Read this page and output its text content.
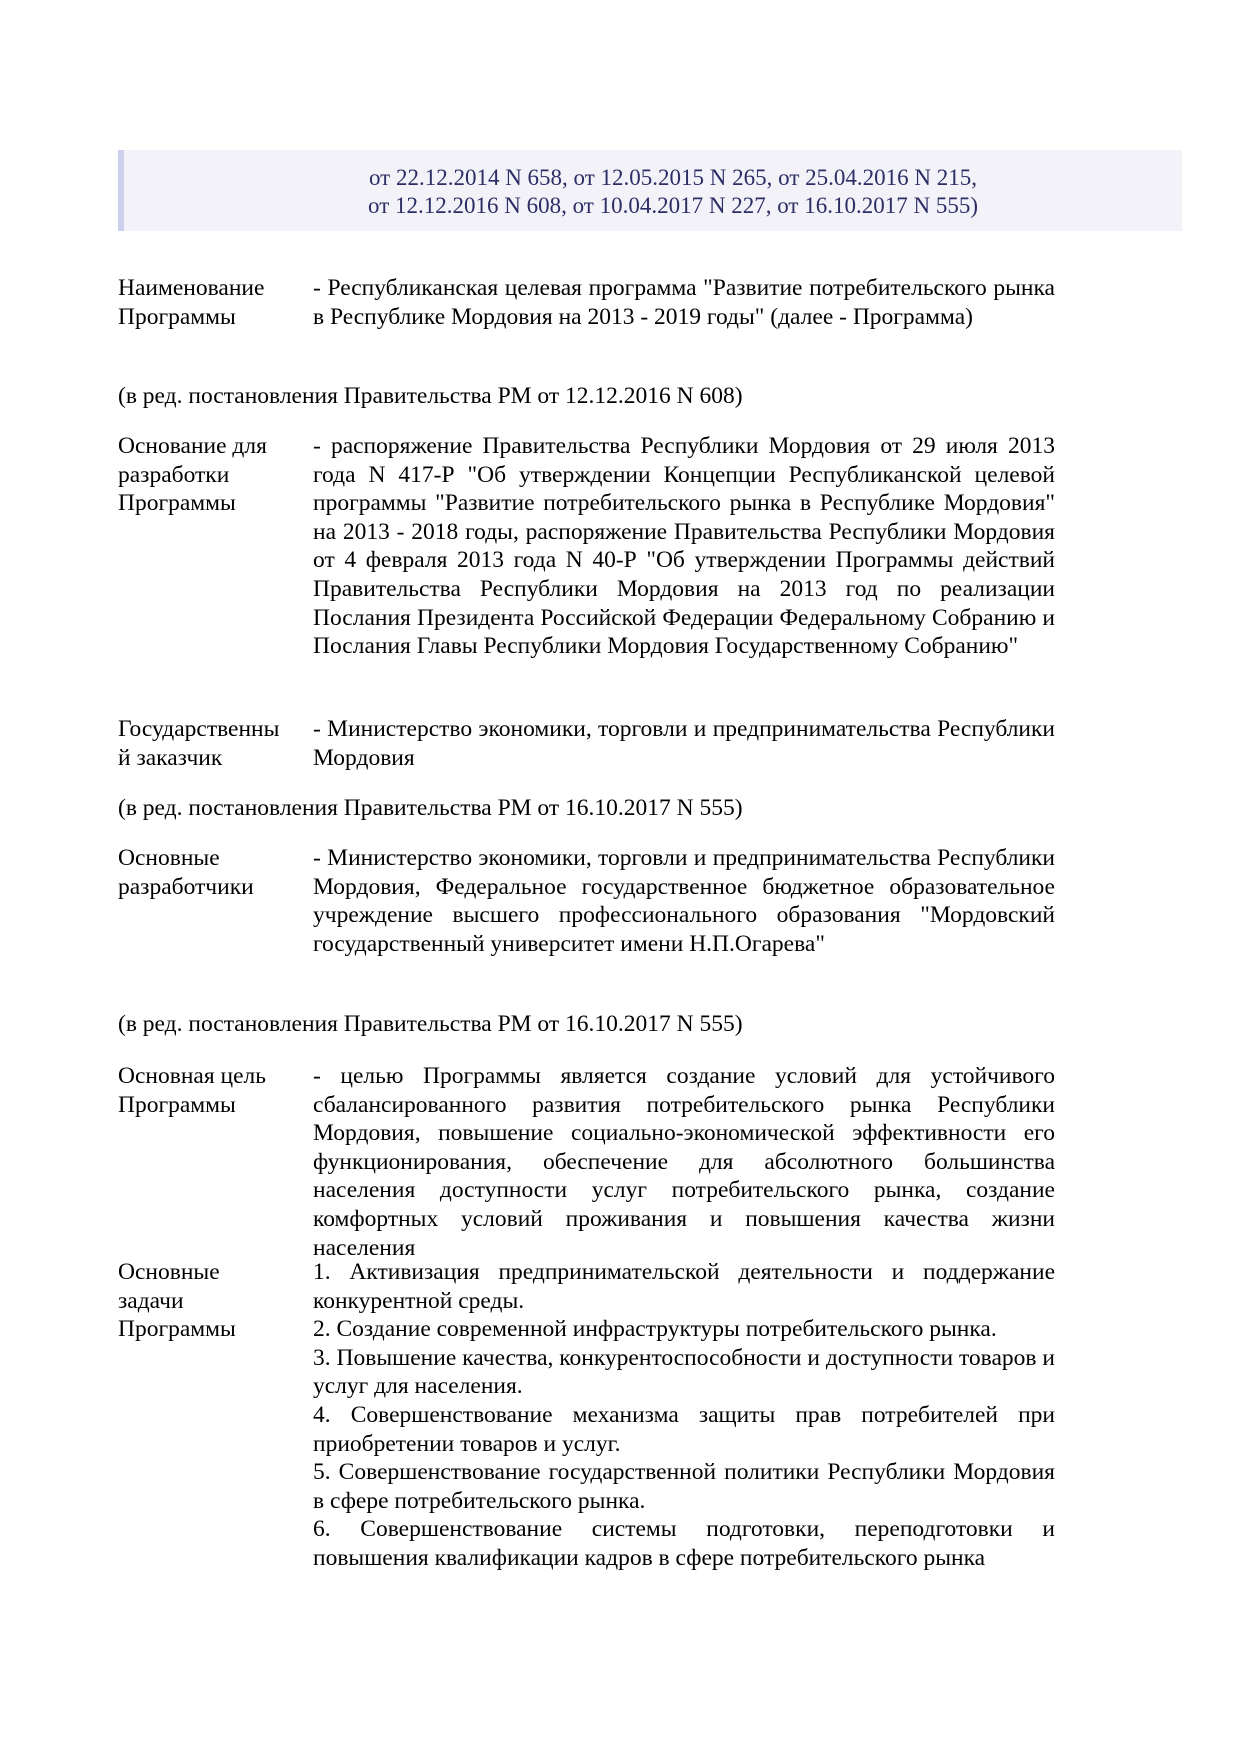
от 22.12.2014 N 658, от 12.05.2015 N 265, от 25.04.2016 N 215,
от 12.12.2016 N 608, от 10.04.2017 N 227, от 16.10.2017 N 555)
Наименование
Программы
- Республиканская целевая программа "Развитие потребительского рынка в Республике Мордовия на 2013 - 2019 годы" (далее - Программа)
(в ред. постановления Правительства РМ от 12.12.2016 N 608)
Основание для
разработки
Программы
- распоряжение Правительства Республики Мордовия от 29 июля 2013 года N 417-Р "Об утверждении Концепции Республиканской целевой программы "Развитие потребительского рынка в Республике Мордовия" на 2013 - 2018 годы, распоряжение Правительства Республики Мордовия от 4 февраля 2013 года N 40-Р "Об утверждении Программы действий Правительства Республики Мордовия на 2013 год по реализации Послания Президента Российской Федерации Федеральному Собранию и Послания Главы Республики Мордовия Государственному Собранию"
Государственны
й заказчик
- Министерство экономики, торговли и предпринимательства Республики Мордовия
(в ред. постановления Правительства РМ от 16.10.2017 N 555)
Основные
разработчики
- Министерство экономики, торговли и предпринимательства Республики Мордовия, Федеральное государственное бюджетное образовательное учреждение высшего профессионального образования "Мордовский государственный университет имени Н.П.Огарева"
(в ред. постановления Правительства РМ от 16.10.2017 N 555)
Основная цель
Программы
- целью Программы является создание условий для устойчивого сбалансированного развития потребительского рынка Республики Мордовия, повышение социально-экономической эффективности его функционирования, обеспечение для абсолютного большинства населения доступности услуг потребительского рынка, создание комфортных условий проживания и повышения качества жизни населения
Основные
задачи
Программы
1. Активизация предпринимательской деятельности и поддержание конкурентной среды.
2. Создание современной инфраструктуры потребительского рынка.
3. Повышение качества, конкурентоспособности и доступности товаров и услуг для населения.
4. Совершенствование механизма защиты прав потребителей при приобретении товаров и услуг.
5. Совершенствование государственной политики Республики Мордовия в сфере потребительского рынка.
6. Совершенствование системы подготовки, переподготовки и повышения квалификации кадров в сфере потребительского рынка
